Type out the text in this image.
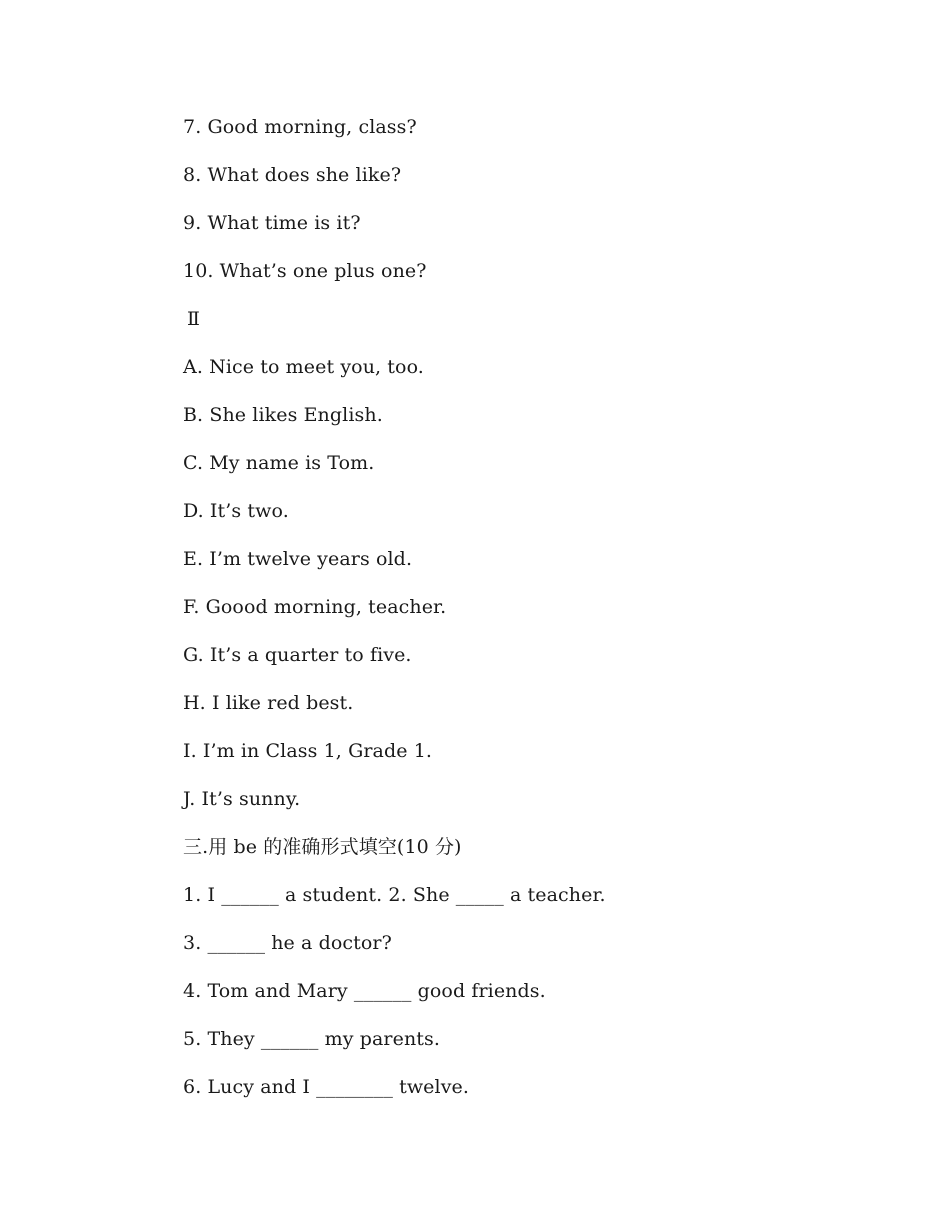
7. Good morning, class?
8. What does she like?
9. What time is it?
10. What’s one plus one?
Ⅱ
A. Nice to meet you, too.
B. She likes English.
C. My name is Tom.
D. It’s two.
E. I’m twelve years old.
F. Goood morning, teacher.
G. It’s a quarter to five.
H. I like red best.
I. I’m in Class 1, Grade 1.
J. It’s sunny.
三.用 be 的准确形式填空(10 分)
1. I ______ a student. 2. She _____ a teacher.
3. ______ he a doctor?
4. Tom and Mary ______ good friends.
5. They ______ my parents.
6. Lucy and I ________ twelve.
